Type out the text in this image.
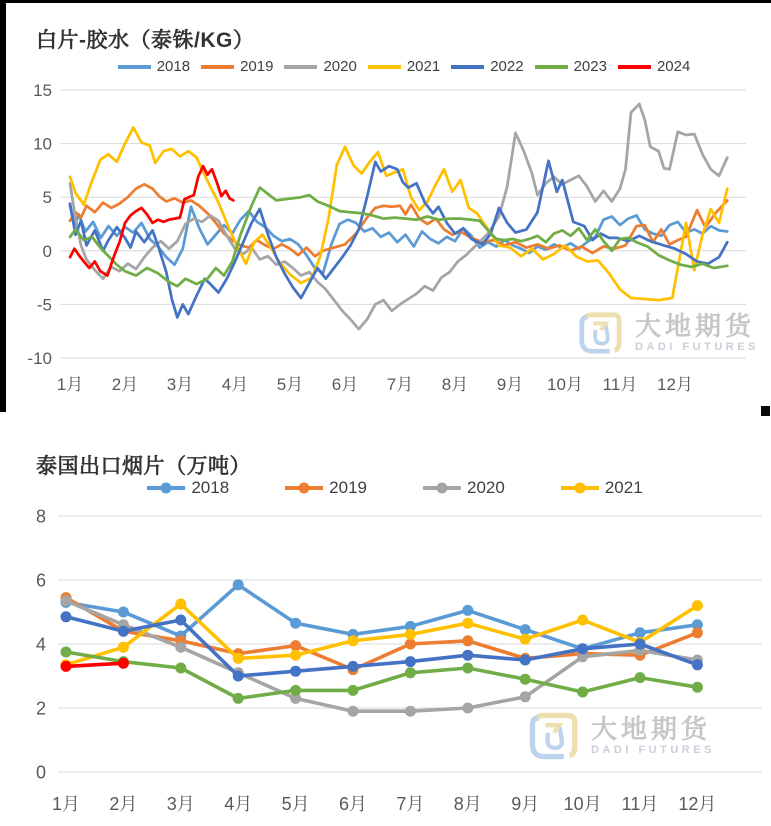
白片-胶水（泰铢/KG）
2018	2019	2020	2021	2022	2023	2024
泰国出口烟片（万吨）
2018	2019	2020	2021
15
10
5
0
-5
-10
1月 2月 3月 4月 5月 6月 7月 8月 9月 10月 11月 12月
8
6
4
2
0
1月 2月 3月 4月 5月 6月 7月 8月 9月 10月 11月 12月
大地期货
DADI FUTURES
大地期货
DADI FUTURES
